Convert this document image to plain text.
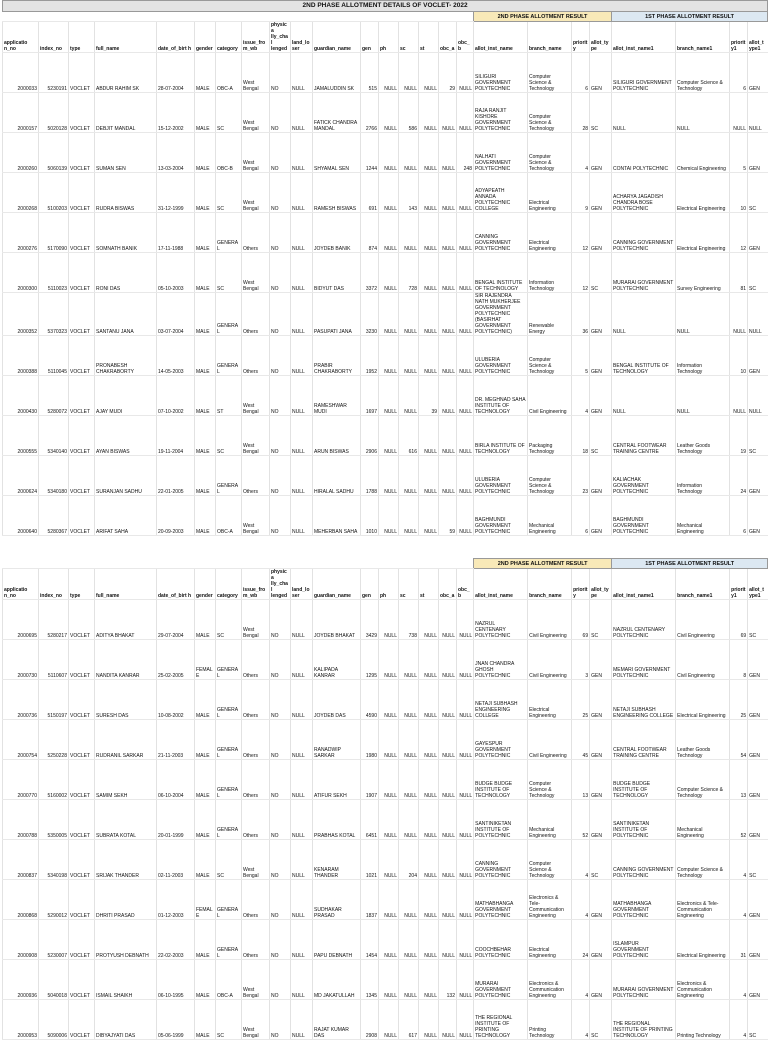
2ND PHASE ALLOTMENT DETAILS OF VOCLET- 2022																								
																	2ND PHASE ALLOTMENT RESULT				1ST PHASE ALLOTMENT RESULT			
applicatio n_no	index_no	type	full_name	date_of_birt h	gender	category	issue_fro m_wb	physica lly_chal lenged	land_lo ser	guardian_name	gen	ph	sc	st	obc_a	obc_b	allot_inst_name	branch_name	priorit y	allot_type	allot_inst_name1	branch_name1	priorit y1	allot_t ype1
2000033	5230191	VOCLET	ABDUR RAHIM SK	28-07-2004	MALE	OBC-A	West Bengal	NO	NULL	JAMALUDDIN SK	515	NULL	NULL	NULL	29	NULL	SILIGURI GOVERNMENT POLYTECHNIC	Computer Science & Technology	6	GEN	SILIGURI GOVERNMENT POLYTECHNIC	Computer Science & Technology	6	GEN
2000157	5020128	VOCLET	DEBJIT MANDAL	15-12-2002	MALE	SC	West Bengal	NO	NULL	FATICK CHANDRA MANDAL	2766	NULL	586	NULL	NULL	NULL	RAJA RANJIT KISHORE GOVERNMENT POLYTECHNIC	Computer Science & Technology	28	SC	NULL	NULL	NULL	NULL
2000260	5060139	VOCLET	SUMAN SEN	13-03-2004	MALE	OBC-B	West Bengal	NO	NULL	SHYAMAL SEN	1244	NULL	NULL	NULL	NULL	248	NALHATI GOVERNMENT POLYTECHNIC	Computer Science & Technology	4	GEN	CONTAI POLYTECHNIC	Chemical Engineering	5	GEN
2000268	5100203	VOCLET	RUDRA BISWAS	31-12-1999	MALE	SC	West Bengal	NO	NULL	RAMESH BISWAS	691	NULL	143	NULL	NULL	NULL	ADYAPEATH ANNADA POLYTECHNIC COLLEGE	Electrical Engineering	9	GEN	ACHARYA JAGADISH CHANDRA BOSE POLYTECHNIC	Electrical Engineering	10	SC
2000276	5170090	VOCLET	SOMNATH BANIK	17-11-1988	MALE	GENERAL	Others	NO	NULL	JOYDEB BANIK	874	NULL	NULL	NULL	NULL	NULL	CANNING GOVERNMENT POLYTECHNIC	Electrical Engineering	12	GEN	CANNING GOVERNMENT POLYTECHNIC	Electrical Engineering	12	GEN
2000300	5110023	VOCLET	RONI DAS	05-10-2003	MALE	SC	West Bengal	NO	NULL	BIDYUT DAS	3372	NULL	728	NULL	NULL	NULL	BENGAL INSTITUTE OF TECHNOLOGY	Information Technology	12	SC	MURARAI GOVERNMENT POLYTECHNIC	Survey Engineering	81	SC
2000352	5370323	VOCLET	SANTANU JANA	03-07-2004	MALE	GENERAL	Others	NO	NULL	PASUPATI JANA	3230	NULL	NULL	NULL	NULL	NULL	SIR RAJENDRA NATH MUKHERJEE GOVERNMENT POLYTECHNIC (BASIRHAT GOVERNMENT POLYTECHNIC)	Renewable Energy	36	GEN	NULL	NULL	NULL	NULL
2000388	5110045	VOCLET	PRONABESH CHAKRABORTY	14-05-2003	MALE	GENERAL	Others	NO	NULL	PRABIR CHAKRABORTY	1952	NULL	NULL	NULL	NULL	NULL	ULUBERIA GOVERNMENT POLYTECHNIC	Computer Science & Technology	5	GEN	BENGAL INSTITUTE OF TECHNOLOGY	Information Technology	10	GEN
2000430	5280072	VOCLET	AJAY MUDI	07-10-2002	MALE	ST	West Bengal	NO	NULL	RAMESHWAR MUDI	1697	NULL	NULL	39	NULL	NULL	DR. MEGHNAD SAHA INSTITUTE OF TECHNOLOGY	Civil Engineering	4	GEN	NULL	NULL	NULL	NULL
2000555	5340140	VOCLET	AYAN BISWAS	19-11-2004	MALE	SC	West Bengal	NO	NULL	ARUN BISWAS	2906	NULL	616	NULL	NULL	NULL	BIRLA INSTITUTE OF TECHNOLOGY	Packaging Technology	18	SC	CENTRAL FOOTWEAR TRAINING CENTRE	Leather Goods Technology	19	SC
2000624	5340180	VOCLET	SURANJAN SADHU	22-01-2005	MALE	GENERAL	Others	NO	NULL	HIRALAL SADHU	1788	NULL	NULL	NULL	NULL	NULL	ULUBERIA GOVERNMENT POLYTECHNIC	Computer Science & Technology	23	GEN	KALIACHAK GOVERNMENT POLYTECHNIC	Information Technology	24	GEN
2000640	5280367	VOCLET	ARIFAT SAHA	20-09-2003	MALE	OBC-A	West Bengal	NO	NULL	MEHERBAN SAHA	1010	NULL	NULL	NULL	59	NULL	BAGHMUNDI GOVERNMENT POLYTECHNIC	Mechanical Engineering	6	GEN	BAGHMUNDI GOVERNMENT POLYTECHNIC	Mechanical Engineering	6	GEN
																	2ND PHASE ALLOTMENT RESULT				1ST PHASE ALLOTMENT RESULT			
applicatio n_no	index_no	type	full_name	date_of_birt h	gender	category	issue_fro m_wb	physica lly_chal lenged	land_lo ser	guardian_name	gen	ph	sc	st	obc_a	obc_b	allot_inst_name	branch_name	priorit y	allot_type	allot_inst_name1	branch_name1	priorit y1	allot_t ype1
2000695	5280217	VOCLET	ADITYA BHAKAT	29-07-2004	MALE	SC	West Bengal	NO	NULL	JOYDEB BHAKAT	3429	NULL	738	NULL	NULL	NULL	NAZRUL CENTENARY POLYTECHNIC	Civil Engineering	69	SC	NAZRUL CENTENARY POLYTECHNIC	Civil Engineering	69	SC
2000730	5110607	VOCLET	NANDITA KANRAR	25-02-2005	FEMALE	GENERAL	Others	NO	NULL	KALIPADA KANRAR	1295	NULL	NULL	NULL	NULL	NULL	JNAN CHANDRA GHOSH POLYTECHNIC	Civil Engineering	3	GEN	MEMARI GOVERNMENT POLYTECHNIC	Civil Engineering	8	GEN
2000736	5150197	VOCLET	SURESH DAS	10-08-2002	MALE	GENERAL	Others	NO	NULL	JOYDEB DAS	4590	NULL	NULL	NULL	NULL	NULL	NETAJI SUBHASH ENGINEERING COLLEGE	Electrical Engineering	25	GEN	NETAJI SUBHASH ENGINEERING COLLEGE	Electrical Engineering	25	GEN
2000754	5250228	VOCLET	RUDRANIL SARKAR	21-11-2003	MALE	GENERAL	Others	NO	NULL	RANADWIP SARKAR	1980	NULL	NULL	NULL	NULL	NULL	GAYESPUR GOVERNMENT POLYTECHNIC	Civil Engineering	45	GEN	CENTRAL FOOTWEAR TRAINING CENTRE	Leather Goods Technology	54	GEN
2000770	5160002	VOCLET	SAMIM SEKH	06-10-2004	MALE	GENERAL	Others	NO	NULL	ATIFUR SEKH	1907	NULL	NULL	NULL	NULL	NULL	BUDGE BUDGE INSTITUTE OF TECHNOLOGY	Computer Science & Technology	13	GEN	BUDGE BUDGE INSTITUTE OF TECHNOLOGY	Computer Science & Technology	13	GEN
2000788	5350005	VOCLET	SUBRATA KOTAL	20-01-1999	MALE	GENERAL	Others	NO	NULL	PRABHAS KOTAL	6451	NULL	NULL	NULL	NULL	NULL	SANTINIKETAN INSTITUTE OF POLYTECHNIC	Mechanical Engineering	52	GEN	SANTINIKETAN INSTITUTE OF POLYTECHNIC	Mechanical Engineering	52	GEN
2000837	5340198	VOCLET	SRIJAK THANDER	02-11-2003	MALE	SC	West Bengal	NO	NULL	KENARAM THANDER	1021	NULL	204	NULL	NULL	NULL	CANNING GOVERNMENT POLYTECHNIC	Computer Science & Technology	4	SC	CANNING GOVERNMENT POLYTECHNIC	Computer Science & Technology	4	SC
2000868	5290012	VOCLET	DHRITI PRASAD	01-12-2003	FEMALE	GENERAL	Others	NO	NULL	SUDHAKAR PRASAD	1837	NULL	NULL	NULL	NULL	NULL	MATHABHANGA GOVERNMENT POLYTECHNIC	Electronics & Tele-Communication Engineering	4	GEN	MATHABHANGA GOVERNMENT POLYTECHNIC	Electronics & Tele-Communication Engineering	4	GEN
2000908	5230007	VOCLET	PROTYUSH DEBNATH	22-02-2003	MALE	GENERAL	Others	NO	NULL	PAPU DEBNATH	1454	NULL	NULL	NULL	NULL	NULL	COOCHBEHAR POLYTECHNIC	Electrical Engineering	24	GEN	ISLAMPUR GOVERNMENT POLYTECHNIC	Electrical Engineering	31	GEN
2000936	5040018	VOCLET	ISMAIL SHAIKH	06-10-1995	MALE	OBC-A	West Bengal	NO	NULL	MD JAKATULLAH	1345	NULL	NULL	NULL	132	NULL	MURARAI GOVERNMENT POLYTECHNIC	Electronics & Communication Engineering	4	GEN	MURARAI GOVERNMENT POLYTECHNIC	Electronics & Communication Engineering	4	GEN
2000953	5090006	VOCLET	DIBYAJYATI DAS	05-06-1999	MALE	SC	West Bengal	NO	NULL	RAJAT KUMAR DAS	2908	NULL	617	NULL	NULL	NULL	THE REGIONAL INSTITUTE OF PRINTING TECHNOLOGY	Printing Technology	4	SC	THE REGIONAL INSTITUTE OF PRINTING TECHNOLOGY	Printing Technology	4	SC
